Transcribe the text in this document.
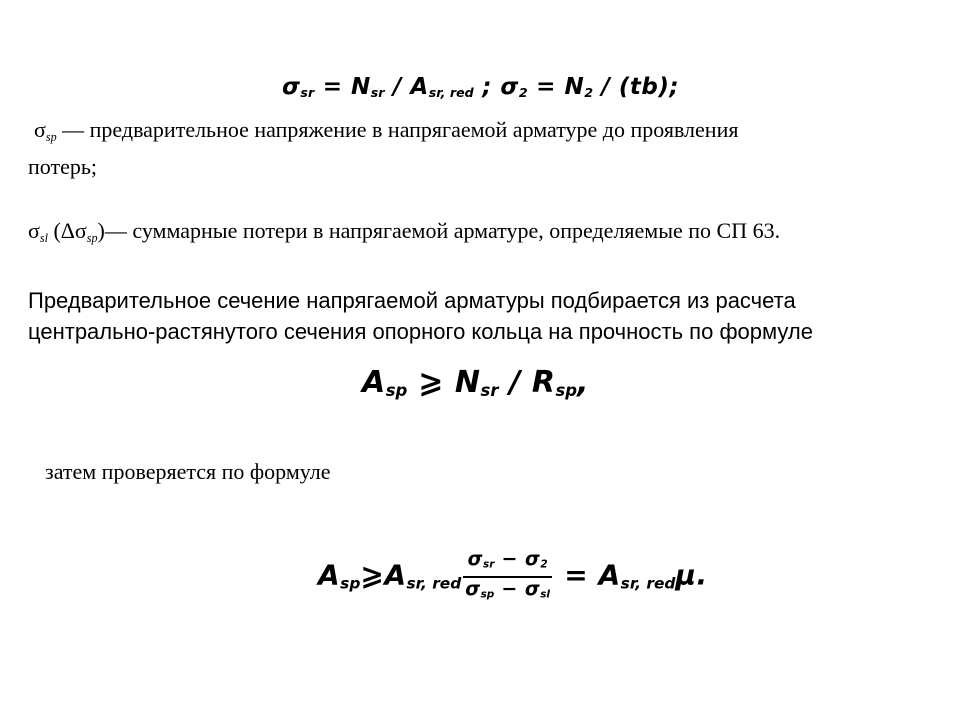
$\sigma_{sr} = N_{sr} / A_{sr, red}$ ; $\sigma_2 = N_2 / (tb)$;
$\sigma_{sp}$ — предварительное напряжение в напрягаемой арматуре до проявления
потерь;
$\sigma_{sl}$ $(\Delta\sigma_{sp})—$ суммарные потери в напрягаемой арматуре, определяемые по СП 63.
Предварительное сечение напрягаемой арматуры подбирается из расчета
центрально-растянутого сечения опорного кольца на прочность по формуле
$A_{sp}$ ⩾ $N_{sr} / R_{sp}$,
затем проверяется по формуле
$A_{sp}⩾A_{sr, red} \frac{\sigma_{sr} - \sigma_2}{\sigma_{sp} - \sigma_{sl}} = A_{sr, red}\mu$.
